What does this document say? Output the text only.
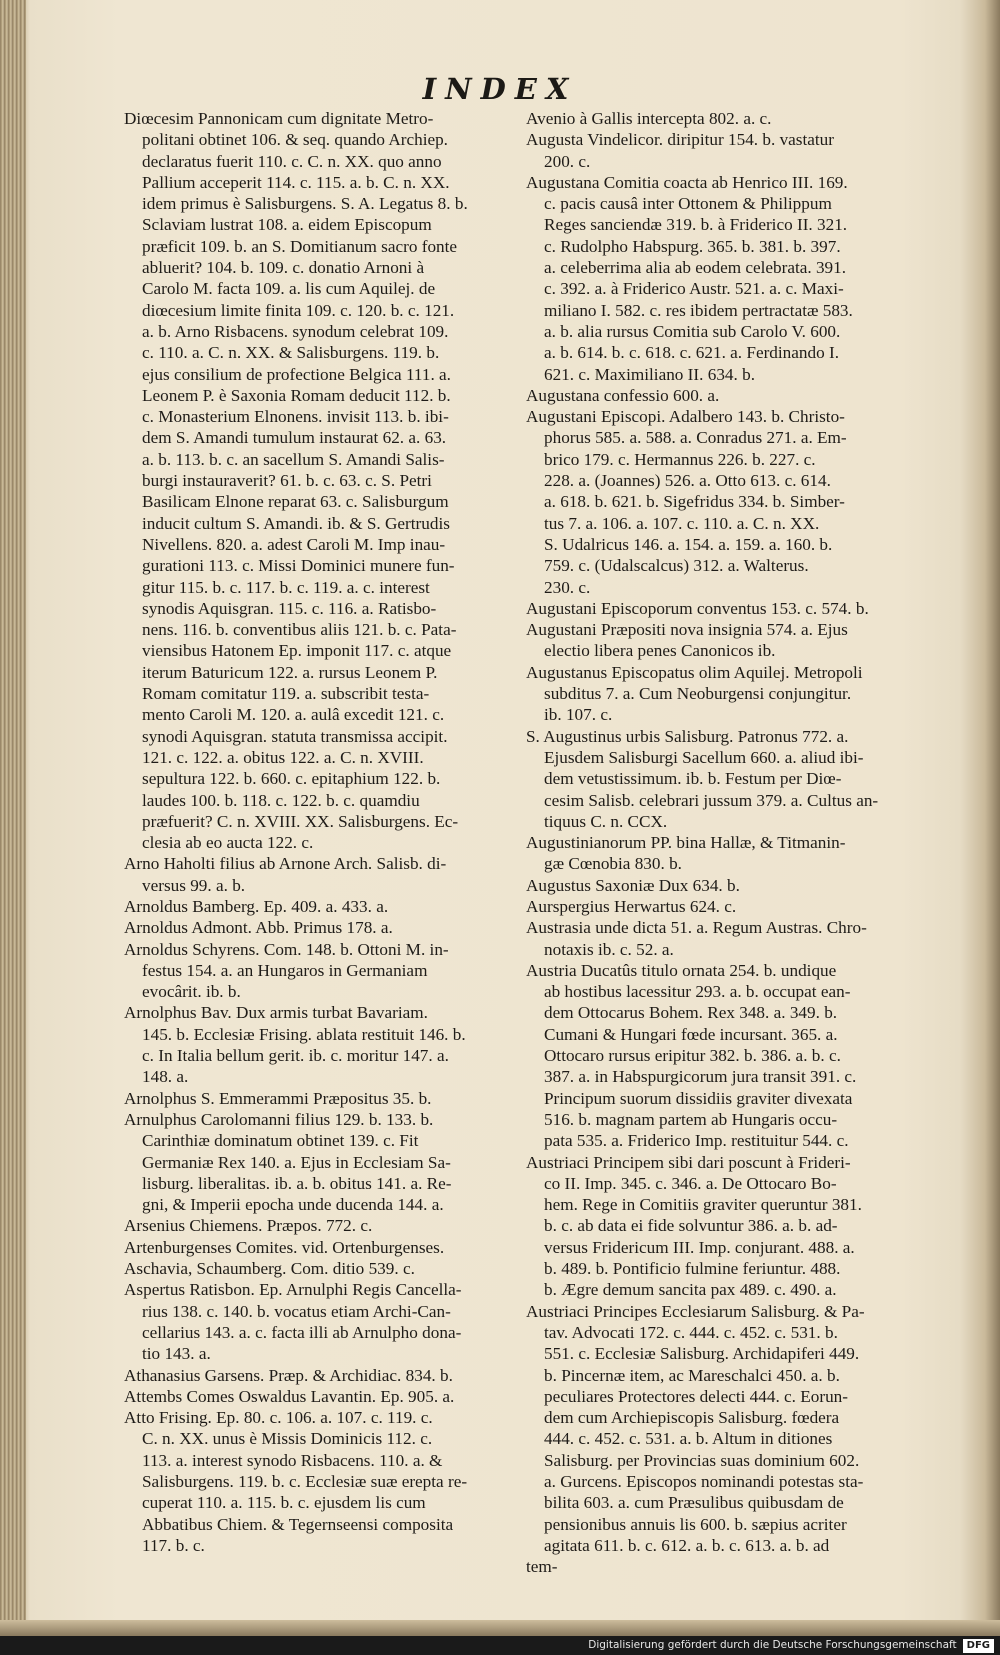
INDEX
Diœcesim Pannonicam cum dignitate Metro-
politani obtinet 106. & seq. quando Archiep.
declaratus fuerit 110. c. C. n. XX. quo anno
Pallium acceperit 114. c. 115. a. b. C. n. XX.
idem primus è Salisburgens. S. A. Legatus 8. b.
Sclaviam lustrat 108. a. eidem Episcopum
præficit 109. b. an S. Domitianum sacro fonte
abluerit? 104. b. 109. c. donatio Arnoni à
Carolo M. facta 109. a. lis cum Aquilej. de
diœcesium limite finita 109. c. 120. b. c. 121.
a. b. Arno Risbacens. synodum celebrat 109.
c. 110. a. C. n. XX. & Salisburgens. 119. b.
ejus consilium de profectione Belgica 111. a.
Leonem P. è Saxonia Romam deducit 112. b.
c. Monasterium Elnonens. invisit 113. b. ibi-
dem S. Amandi tumulum instaurat 62. a. 63.
a. b. 113. b. c. an sacellum S. Amandi Salis-
burgi instauraverit? 61. b. c. 63. c. S. Petri
Basilicam Elnone reparat 63. c. Salisburgum
inducit cultum S. Amandi. ib. & S. Gertrudis
Nivellens. 820. a. adest Caroli M. Imp inau-
gurationi 113. c. Missi Dominici munere fun-
gitur 115. b. c. 117. b. c. 119. a. c. interest
synodis Aquisgran. 115. c. 116. a. Ratisbo-
nens. 116. b. conventibus aliis 121. b. c. Pata-
viensibus Hatonem Ep. imponit 117. c. atque
iterum Baturicum 122. a. rursus Leonem P.
Romam comitatur 119. a. subscribit testa-
mento Caroli M. 120. a. aulâ excedit 121. c.
synodi Aquisgran. statuta transmissa accipit.
121. c. 122. a. obitus 122. a. C. n. XVIII.
sepultura 122. b. 660. c. epitaphium 122. b.
laudes 100. b. 118. c. 122. b. c. quamdiu
præfuerit? C. n. XVIII. XX. Salisburgens. Ec-
clesia ab eo aucta 122. c.
Arno Haholti filius ab Arnone Arch. Salisb. di-
versus 99. a. b.
Arnoldus Bamberg. Ep. 409. a. 433. a.
Arnoldus Admont. Abb. Primus 178. a.
Arnoldus Schyrens. Com. 148. b. Ottoni M. in-
festus 154. a. an Hungaros in Germaniam
evocârit. ib. b.
Arnolphus Bav. Dux armis turbat Bavariam.
145. b. Ecclesiæ Frising. ablata restituit 146. b.
c. In Italia bellum gerit. ib. c. moritur 147. a.
148. a.
Arnolphus S. Emmerammi Præpositus 35. b.
Arnulphus Carolomanni filius 129. b. 133. b.
Carinthiæ dominatum obtinet 139. c. Fit
Germaniæ Rex 140. a. Ejus in Ecclesiam Sa-
lisburg. liberalitas. ib. a. b. obitus 141. a. Re-
gni, & Imperii epocha unde ducenda 144. a.
Arsenius Chiemens. Præpos. 772. c.
Artenburgenses Comites. vid. Ortenburgenses.
Aschavia, Schaumberg. Com. ditio 539. c.
Aspertus Ratisbon. Ep. Arnulphi Regis Cancella-
rius 138. c. 140. b. vocatus etiam Archi-Can-
cellarius 143. a. c. facta illi ab Arnulpho dona-
tio 143. a.
Athanasius Garsens. Præp. & Archidiac. 834. b.
Attembs Comes Oswaldus Lavantin. Ep. 905. a.
Atto Frising. Ep. 80. c. 106. a. 107. c. 119. c.
C. n. XX. unus è Missis Dominicis 112. c.
113. a. interest synodo Risbacens. 110. a. &
Salisburgens. 119. b. c. Ecclesiæ suæ erepta re-
cuperat 110. a. 115. b. c. ejusdem lis cum
Abbatibus Chiem. & Tegernseensi composita
117. b. c.
Avenio à Gallis intercepta 802. a. c.
Augusta Vindelicor. diripitur 154. b. vastatur
200. c.
Augustana Comitia coacta ab Henrico III. 169.
c. pacis causâ inter Ottonem & Philippum
Reges sanciendæ 319. b. à Friderico II. 321.
c. Rudolpho Habspurg. 365. b. 381. b. 397.
a. celeberrima alia ab eodem celebrata. 391.
c. 392. a. à Friderico Austr. 521. a. c. Maxi-
miliano I. 582. c. res ibidem pertractatæ 583.
a. b. alia rursus Comitia sub Carolo V. 600.
a. b. 614. b. c. 618. c. 621. a. Ferdinando I.
621. c. Maximiliano II. 634. b.
Augustana confessio 600. a.
Augustani Episcopi. Adalbero 143. b. Christo-
phorus 585. a. 588. a. Conradus 271. a. Em-
brico 179. c. Hermannus 226. b. 227. c.
228. a. (Joannes) 526. a. Otto 613. c. 614.
a. 618. b. 621. b. Sigefridus 334. b. Simber-
tus 7. a. 106. a. 107. c. 110. a. C. n. XX.
S. Udalricus 146. a. 154. a. 159. a. 160. b.
759. c. (Udalscalcus) 312. a. Walterus.
230. c.
Augustani Episcoporum conventus 153. c. 574. b.
Augustani Præpositi nova insignia 574. a. Ejus
electio libera penes Canonicos ib.
Augustanus Episcopatus olim Aquilej. Metropoli
subditus 7. a. Cum Neoburgensi conjungitur.
ib. 107. c.
S. Augustinus urbis Salisburg. Patronus 772. a.
Ejusdem Salisburgi Sacellum 660. a. aliud ibi-
dem vetustissimum. ib. b. Festum per Diœ-
cesim Salisb. celebrari jussum 379. a. Cultus an-
tiquus C. n. CCX.
Augustinianorum PP. bina Hallæ, & Titmanin-
gæ Cœnobia 830. b.
Augustus Saxoniæ Dux 634. b.
Aurspergius Herwartus 624. c.
Austrasia unde dicta 51. a. Regum Austras. Chro-
notaxis ib. c. 52. a.
Austria Ducatûs titulo ornata 254. b. undique
ab hostibus lacessitur 293. a. b. occupat ean-
dem Ottocarus Bohem. Rex 348. a. 349. b.
Cumani & Hungari fœde incursant. 365. a.
Ottocaro rursus eripitur 382. b. 386. a. b. c.
387. a. in Habspurgicorum jura transit 391. c.
Principum suorum dissidiis graviter divexata
516. b. magnam partem ab Hungaris occu-
pata 535. a. Friderico Imp. restituitur 544. c.
Austriaci Principem sibi dari poscunt à Frideri-
co II. Imp. 345. c. 346. a. De Ottocaro Bo-
hem. Rege in Comitiis graviter queruntur 381.
b. c. ab data ei fide solvuntur 386. a. b. ad-
versus Fridericum III. Imp. conjurant. 488. a.
b. 489. b. Pontificio fulmine feriuntur. 488.
b. Ægre demum sancita pax 489. c. 490. a.
Austriaci Principes Ecclesiarum Salisburg. & Pa-
tav. Advocati 172. c. 444. c. 452. c. 531. b.
551. c. Ecclesiæ Salisburg. Archidapiferi 449.
b. Pincernæ item, ac Mareschalci 450. a. b.
peculiares Protectores delecti 444. c. Eorun-
dem cum Archiepiscopis Salisburg. fœdera
444. c. 452. c. 531. a. b. Altum in ditiones
Salisburg. per Provincias suas dominium 602.
a. Gurcens. Episcopos nominandi potestas sta-
bilita 603. a. cum Præsulibus quibusdam de
pensionibus annuis lis 600. b. sæpius acriter
agitata 611. b. c. 612. a. b. c. 613. a. b. ad
tem-
Digitalisierung gefördert durch die Deutsche Forschungsgemeinschaft DFG
